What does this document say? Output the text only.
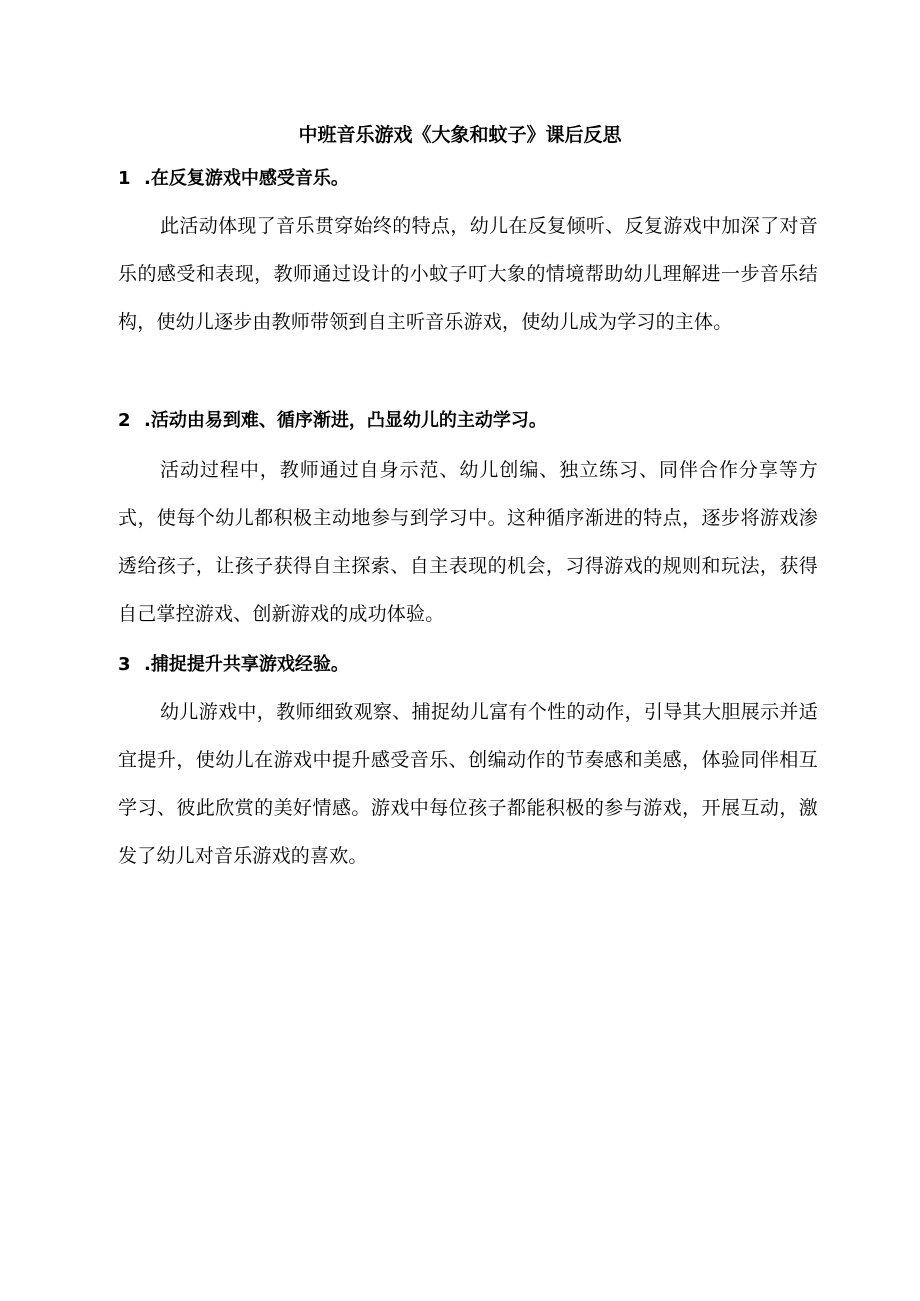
中班音乐游戏《大象和蚊子》课后反思
1 .在反复游戏中感受音乐。

此活动体现了音乐贯穿始终的特点，幼儿在反复倾听、反复游戏中加深了对音乐的感受和表现，教师通过设计的小蚊子叮大象的情境帮助幼儿理解进一步音乐结构，使幼儿逐步由教师带领到自主听音乐游戏，使幼儿成为学习的主体。

2 .活动由易到难、循序渐进，凸显幼儿的主动学习。

活动过程中，教师通过自身示范、幼儿创编、独立练习、同伴合作分享等方式，使每个幼儿都积极主动地参与到学习中。这种循序渐进的特点，逐步将游戏渗透给孩子，让孩子获得自主探索、自主表现的机会，习得游戏的规则和玩法，获得自己掌控游戏、创新游戏的成功体验。

3 .捕捉提升共享游戏经验。

幼儿游戏中，教师细致观察、捕捉幼儿富有个性的动作，引导其大胆展示并适宜提升，使幼儿在游戏中提升感受音乐、创编动作的节奏感和美感，体验同伴相互学习、彼此欣赏的美好情感。游戏中每位孩子都能积极的参与游戏，开展互动，激发了幼儿对音乐游戏的喜欢。
